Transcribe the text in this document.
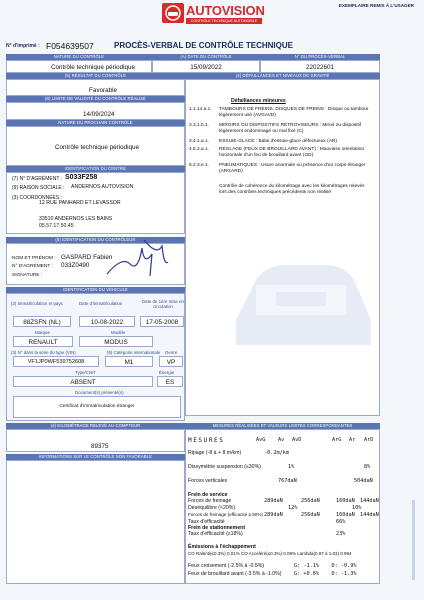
AUTOVISION
CONTRÔLE TECHNIQUE AUTOMOBILE
EXEMPLAIRE REMIS À L'USAGER
N° d'imprimé : F054639507	PROCÈS-VERBAL DE CONTRÔLE TECHNIQUE
NATURE DU CONTRÔLE
Contrôle technique périodique
(A) DATE DU CONTRÔLE
15/09/2022
N° DU PROCÈS-VERBAL
22022601
(5) RÉSULTAT DU CONTRÔLE
Favorable
(6) LIMITE DE VALIDITÉ DU CONTRÔLE RÉALISÉ
14/09/2024
NATURE DU PROCHAIN CONTRÔLE
Contrôle technique périodique
(4) DÉFAILLANCES ET NIVEAUX DE GRAVITÉ
Défaillances mineures
1.1.14.a.1. TAMBOURS DE FREINS, DISQUES DE FREINS : Disque ou tambour légèrement usé (AVGAVD)
3.3.1.b.1. MIROIRS OU DISPOSITIFS RÉTROVISEURS : Miroir ou dispositif légèrement endommagé ou mal fixé (C)
3.4.1.a.1. ESSUIE-GLACE : Balai d'essuie-glace défectueux (AR)
4.5.2.a.1. RÉGLAGE (FEUX DE BROUILLARD AVANT) : Mauvaise orientation horizontale d'un feu de brouillard avant (GD)
5.2.3.e.1. PNEUMATIQUES : Usure anormale ou présence d'un corps étranger (ARGARD)
Contrôle de cohérence du kilométrage avec les kilométrages relevés lors des contrôles techniques précédents non réalisé
IDENTIFICATION DU CENTRE
(7) N° D'AGRÉMENT : S033F258
(9) RAISON SOCIALE : ANDERNOS AUTOVISION
(3) COORDONNÉES :
12 RUE PANHARD ET LEVASSOR
33510 ANDERNOS LES BAINS
05.57.17.50.45
(8) IDENTIFICATION DU CONTRÔLEUR
NOM ET PRÉNOM : GASPARD Fabien
N° D'AGRÉMENT : 033Z0490
SIGNATURE :
IDENTIFICATION DU VÉHICULE
(2) Immatriculation et pays	Date d'immatriculation	Date de 1ère mise en circulation
88ZSFN (NL)	10-08-2022	17-05-2008
Marque	Modèle
RENAULT	MODUS
(3) N° dans la série du type (VIN)	(5) Catégorie internationale Genre
VF1JP0WF539752608	M1	VP
Type/CNIT	Énergie
ABSENT	ES
Document(s) présenté(s)
Certificat d'immatriculation étranger
(4) KILOMÉTRAGE RELEVÉ AU COMPTEUR
89375
INFORMATIONS SUR LE CONTRÔLE NON FAVORABLE
MESURES RÉALISÉES ET VALEURS LIMITES CORRESPONDANTES
MESURES	AvG Av AvD	ArG Ar ArD
Ripage (-8 à + 8 m/km)	-0.2m/km
Dissymétrie suspension (≤30%)	1%	8%
Forces verticales	767daN	504daN
Frein de service
Forces de freinage	289daN	256daN	160daN 144daN
Déséquilibre (<20%)	12%	10%
Forces de freinage (efficacité ≥ 50%) 289daN	256daN	160daN 144daN
Taux d'efficacité	66%
Frein de stationnement
Taux d'efficacité (≥18%)	23%
Émissions à l'échappement
CO Ralenti(≤0.3%) 0.01% CO Accéléré(≤0.3%) 0.08% Lambda(0.97 à 1.03) 0.994
Feux croisement (-2.5% à -0.5%)	G: -1.1%    D: -0.9%
Feux de brouillard avant (-3.5% à -1.0%) G: +0.6%    D: -1.3%
